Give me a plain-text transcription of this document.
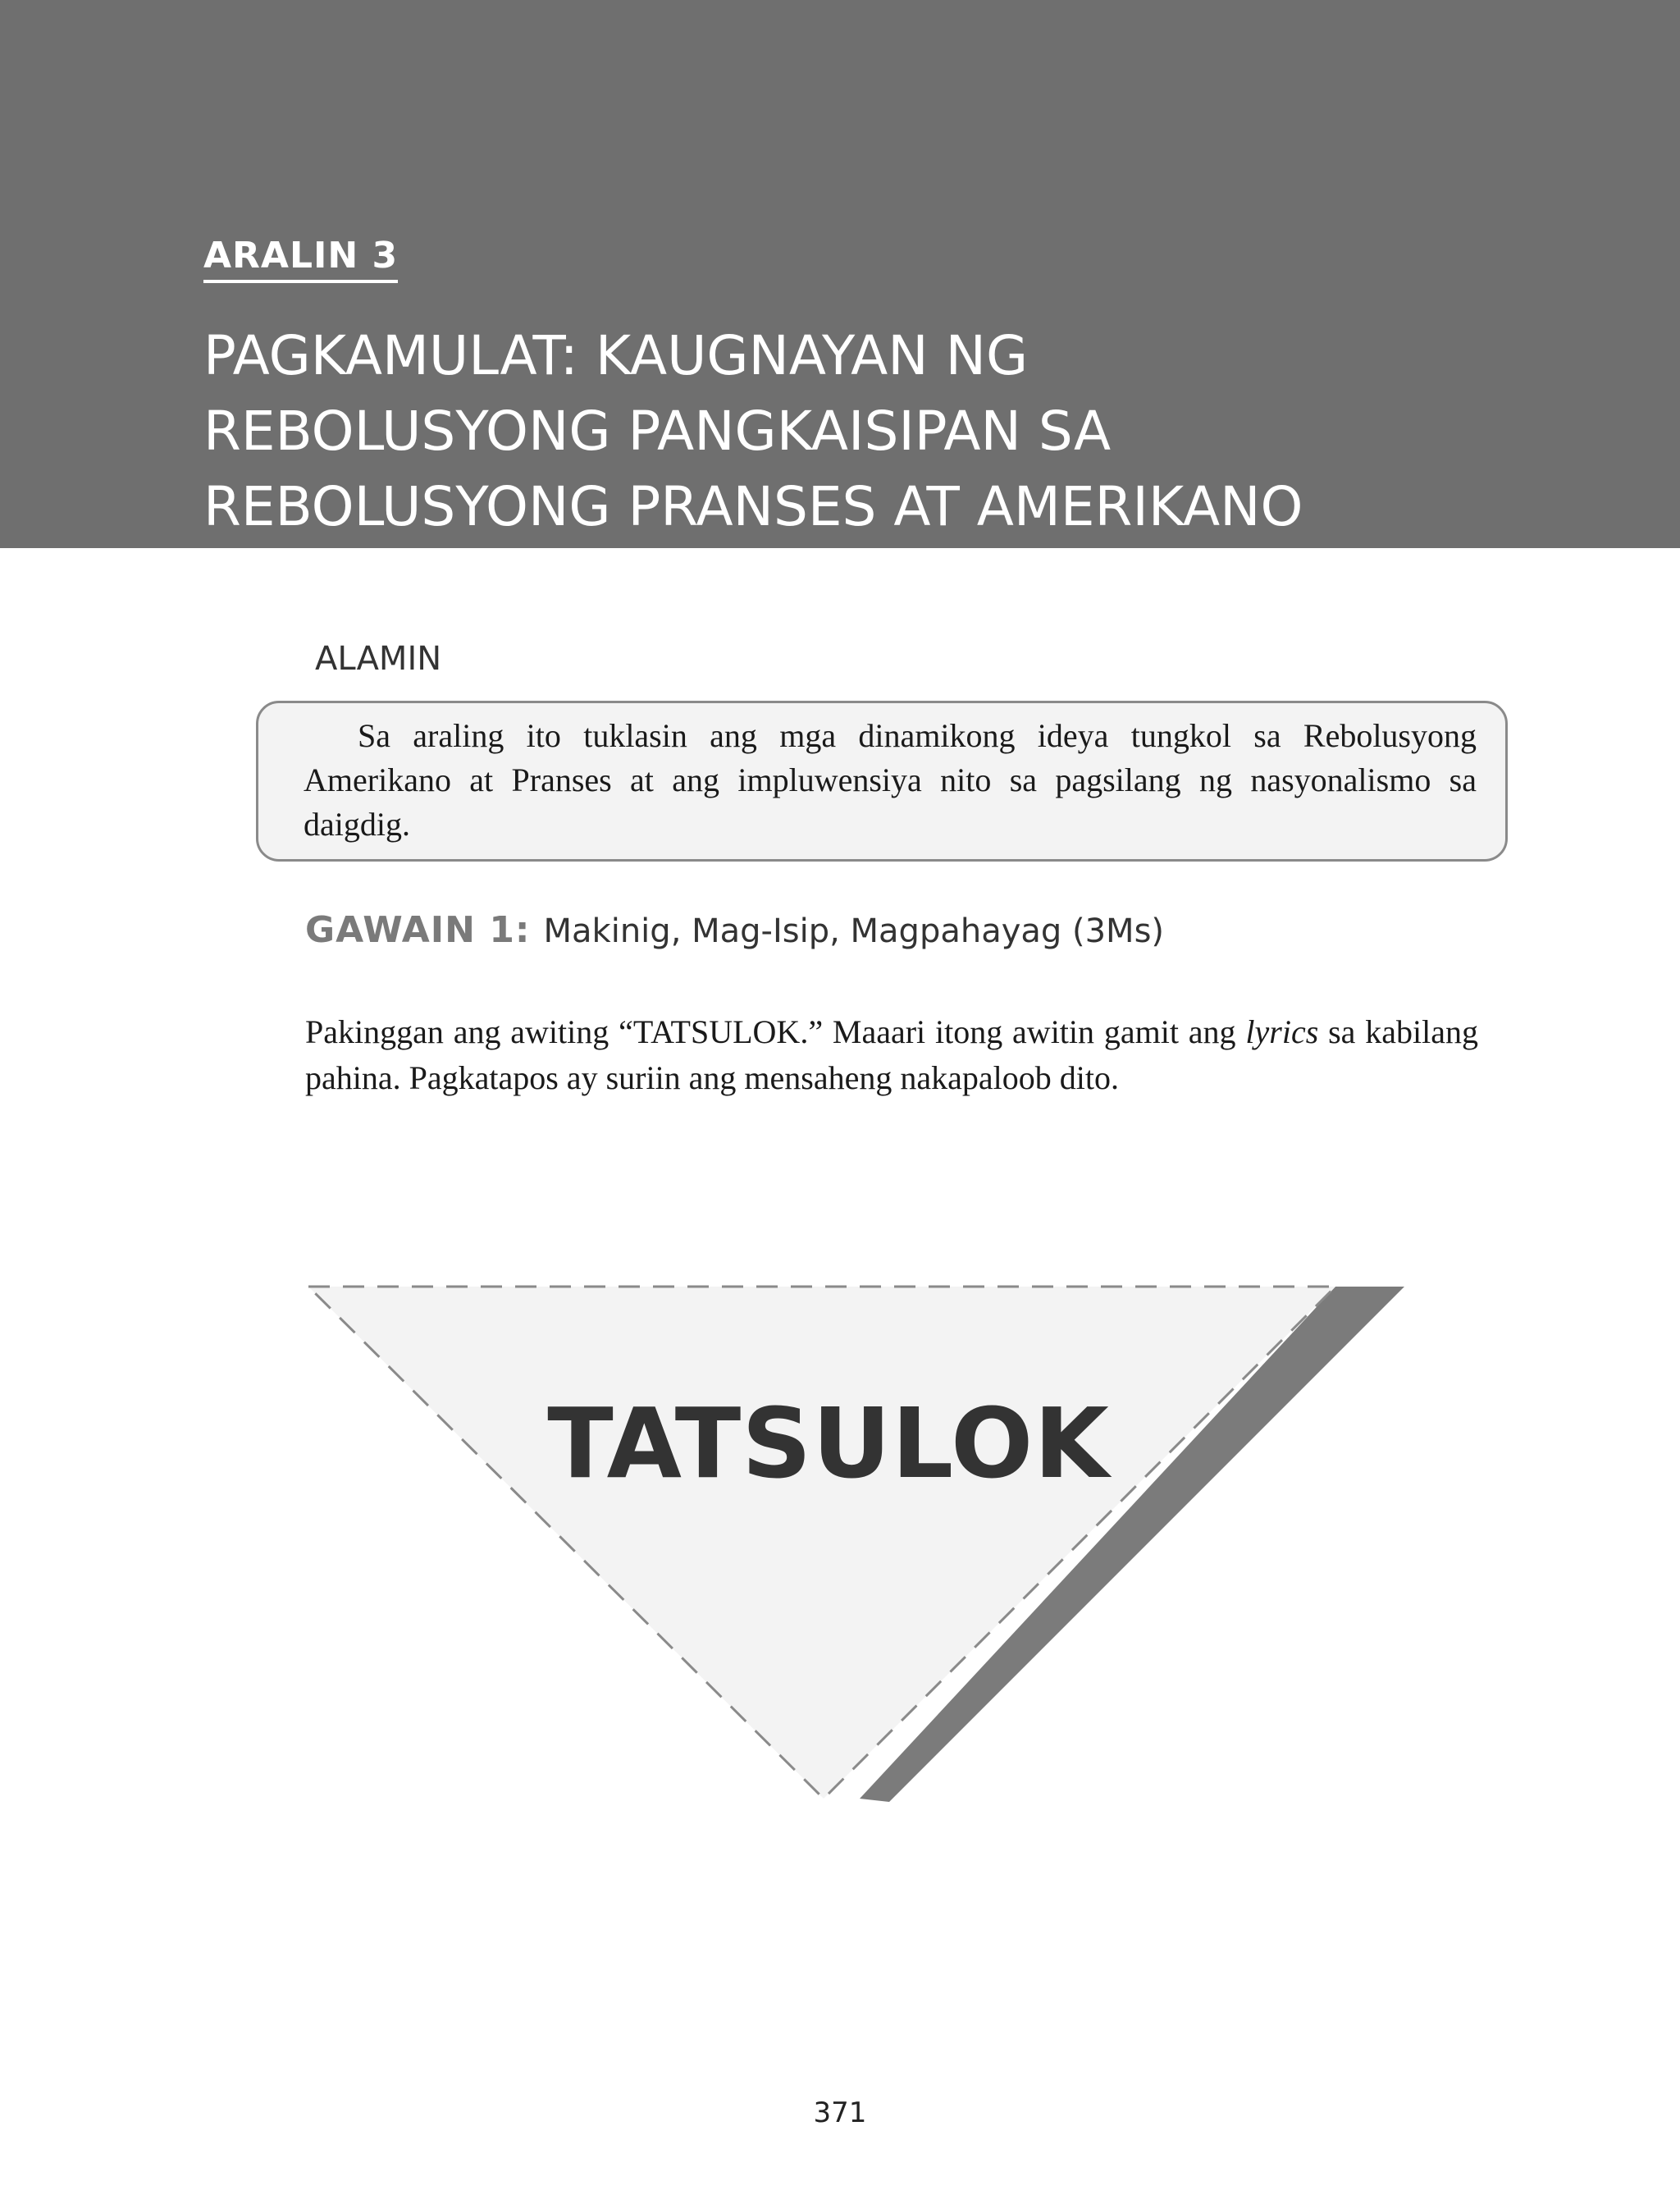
ARALIN 3
PAGKAMULAT: KAUGNAYAN NG
REBOLUSYONG PANGKAISIPAN SA
REBOLUSYONG PRANSES AT AMERIKANO
ALAMIN

Sa araling ito tuklasin ang mga dinamikong ideya tungkol sa Rebolusyong Amerikano at Pranses at ang impluwensiya nito sa pagsilang ng nasyonalismo sa daigdig.

GAWAIN 1: Makinig, Mag-Isip, Magpahayag (3Ms)

Pakinggan ang awiting “TATSULOK.” Maaari itong awitin gamit ang lyrics sa kabilang pahina. Pagkatapos ay suriin ang mensaheng nakapaloob dito.

TATSULOK
371
